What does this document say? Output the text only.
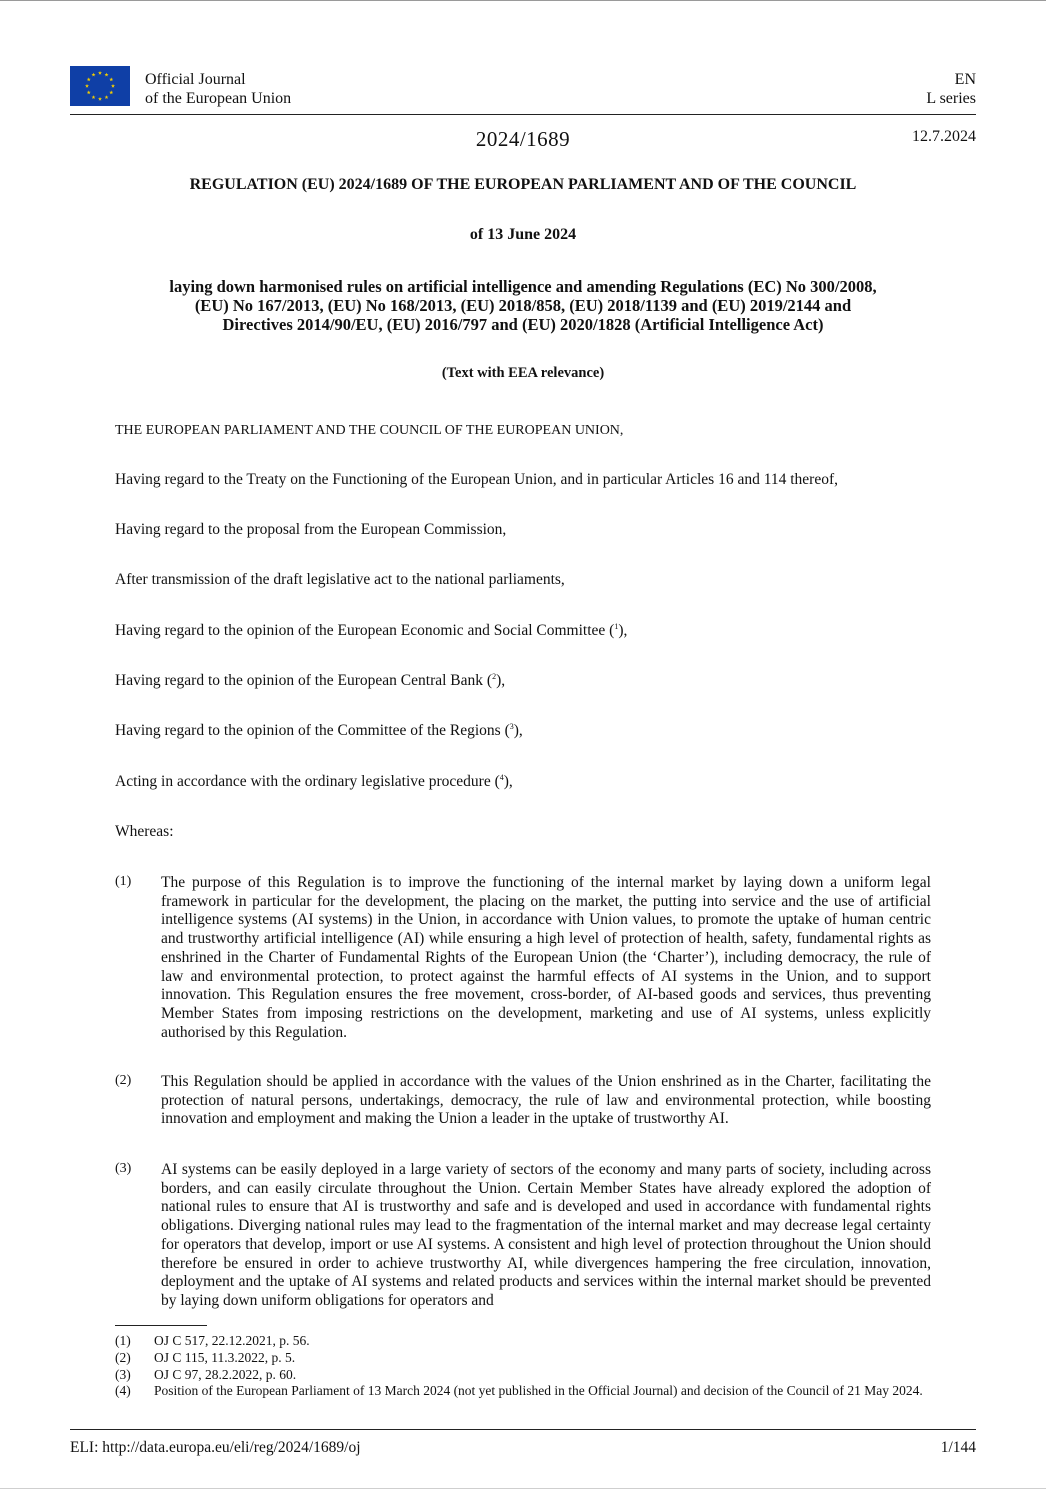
Official Journal
of the European Union
EN
L series
2024/1689	12.7.2024
REGULATION (EU) 2024/1689 OF THE EUROPEAN PARLIAMENT AND OF THE COUNCIL
of 13 June 2024
laying down harmonised rules on artificial intelligence and amending Regulations (EC) No 300/2008,
(EU) No 167/2013, (EU) No 168/2013, (EU) 2018/858, (EU) 2018/1139 and (EU) 2019/2144 and
Directives 2014/90/EU, (EU) 2016/797 and (EU) 2020/1828 (Artificial Intelligence Act)
(Text with EEA relevance)
THE EUROPEAN PARLIAMENT AND THE COUNCIL OF THE EUROPEAN UNION,
Having regard to the Treaty on the Functioning of the European Union, and in particular Articles 16 and 114 thereof,
Having regard to the proposal from the European Commission,
After transmission of the draft legislative act to the national parliaments,
Having regard to the opinion of the European Economic and Social Committee ($^1$),
Having regard to the opinion of the European Central Bank ($^2$),
Having regard to the opinion of the Committee of the Regions ($^3$),
Acting in accordance with the ordinary legislative procedure ($^4$),
Whereas:
(1) The purpose of this Regulation is to improve the functioning of the internal market by laying down a uniform legal framework in particular for the development, the placing on the market, the putting into service and the use of artificial intelligence systems (AI systems) in the Union, in accordance with Union values, to promote the uptake of human centric and trustworthy artificial intelligence (AI) while ensuring a high level of protection of health, safety, fundamental rights as enshrined in the Charter of Fundamental Rights of the European Union (the ‘Charter’), including democracy, the rule of law and environmental protection, to protect against the harmful effects of AI systems in the Union, and to support innovation. This Regulation ensures the free movement, cross-border, of AI-based goods and services, thus preventing Member States from imposing restrictions on the development, marketing and use of AI systems, unless explicitly authorised by this Regulation.
(2) This Regulation should be applied in accordance with the values of the Union enshrined as in the Charter, facilitating the protection of natural persons, undertakings, democracy, the rule of law and environmental protection, while boosting innovation and employment and making the Union a leader in the uptake of trustworthy AI.
(3) AI systems can be easily deployed in a large variety of sectors of the economy and many parts of society, including across borders, and can easily circulate throughout the Union. Certain Member States have already explored the adoption of national rules to ensure that AI is trustworthy and safe and is developed and used in accordance with fundamental rights obligations. Diverging national rules may lead to the fragmentation of the internal market and may decrease legal certainty for operators that develop, import or use AI systems. A consistent and high level of protection throughout the Union should therefore be ensured in order to achieve trustworthy AI, while divergences hampering the free circulation, innovation, deployment and the uptake of AI systems and related products and services within the internal market should be prevented by laying down uniform obligations for operators and
(1) OJ C 517, 22.12.2021, p. 56.
(2) OJ C 115, 11.3.2022, p. 5.
(3) OJ C 97, 28.2.2022, p. 60.
(4) Position of the European Parliament of 13 March 2024 (not yet published in the Official Journal) and decision of the Council of 21 May 2024.
ELI: http://data.europa.eu/eli/reg/2024/1689/oj	1/144
